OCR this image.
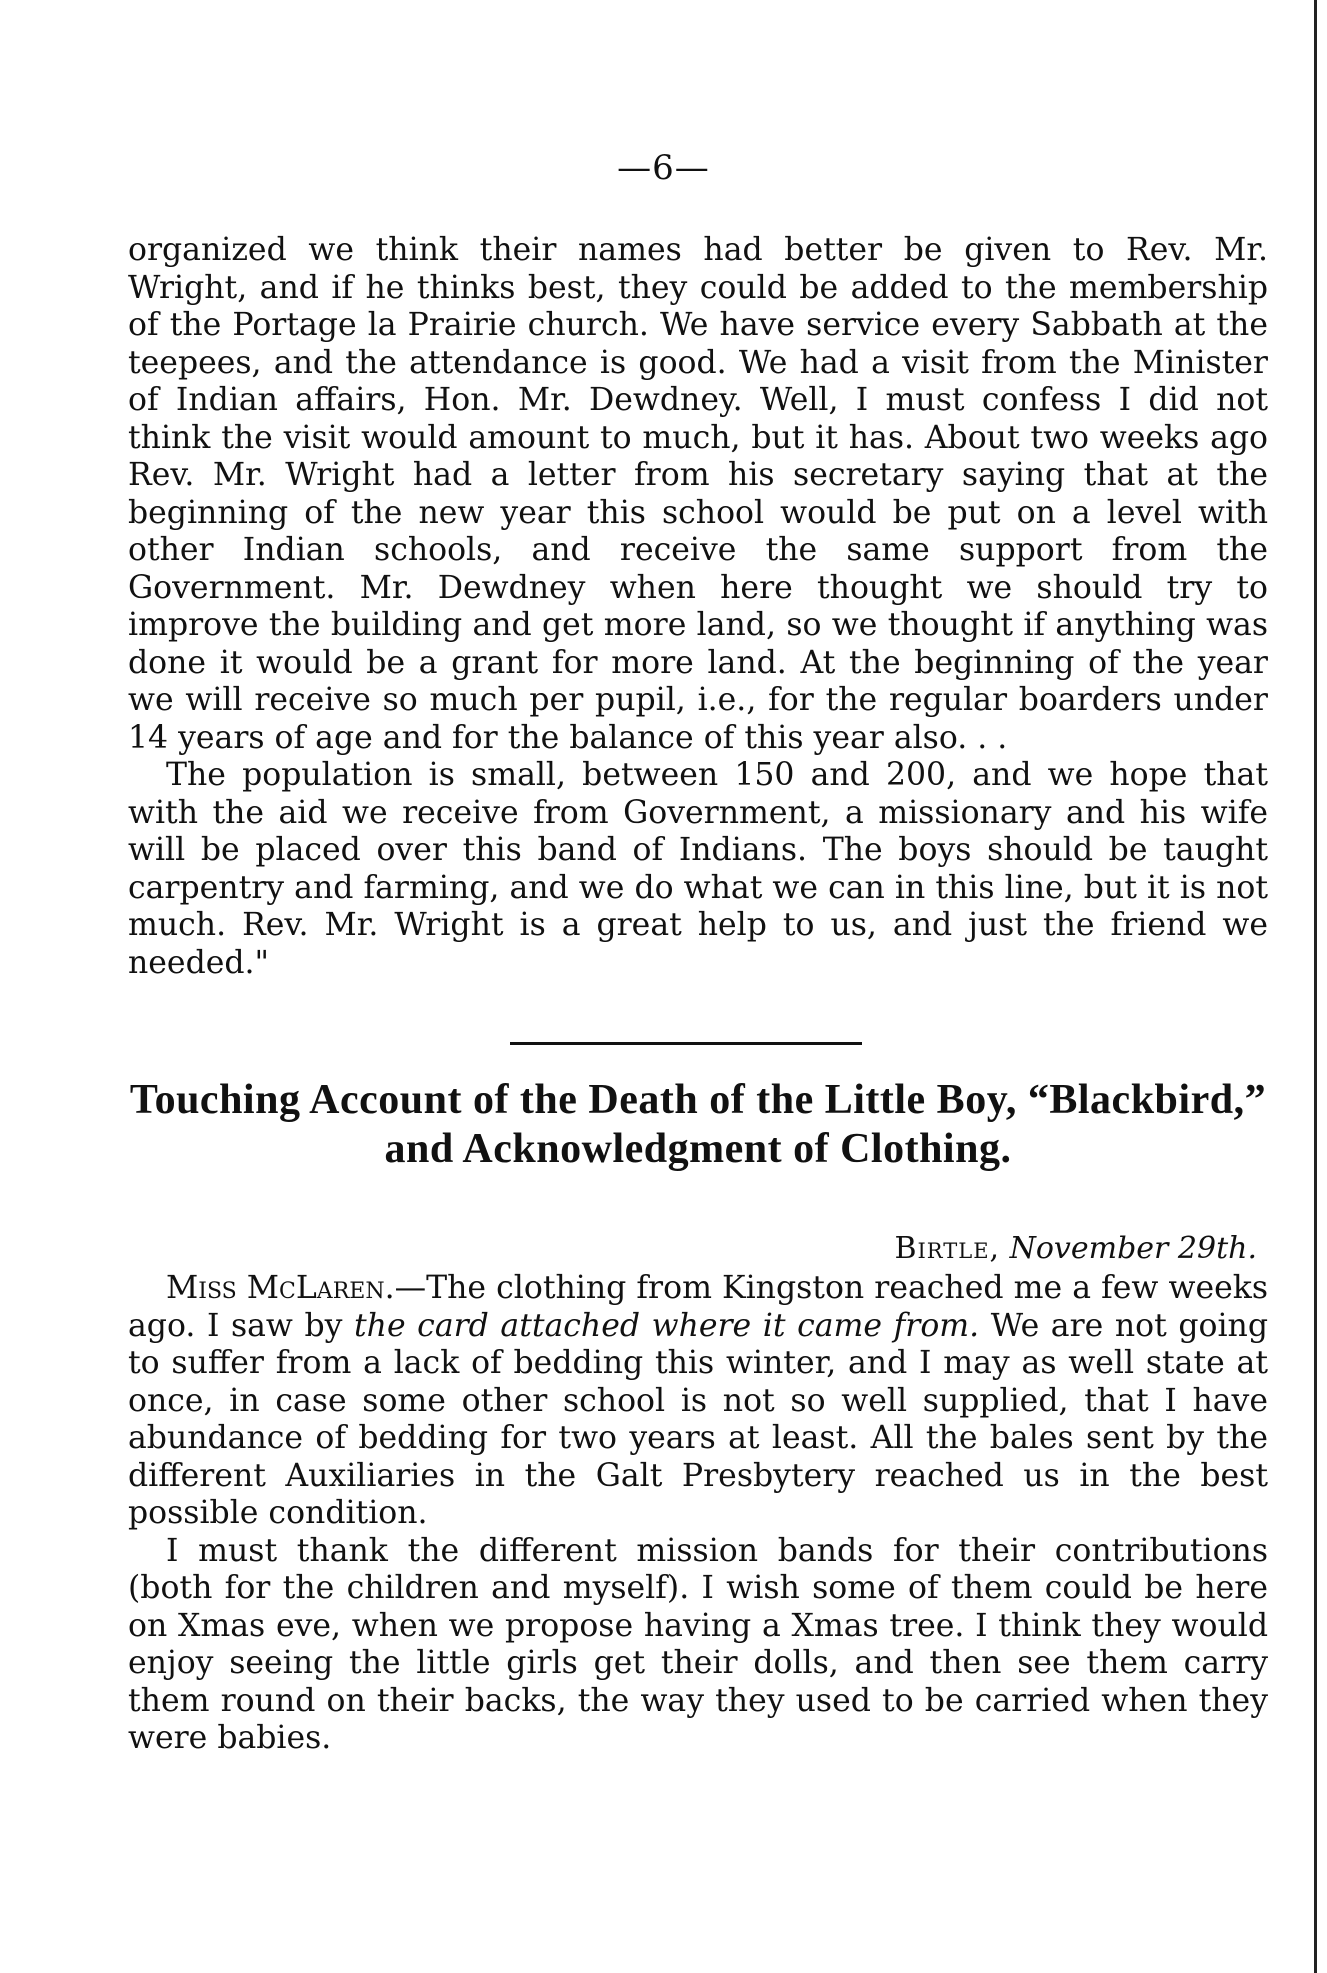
—6—

organized we think their names had better be given to Rev. Mr. Wright, and if he thinks best, they could be added to the membership of the Portage la Prairie church. We have service every Sabbath at the teepees, and the attendance is good. We had a visit from the Minister of Indian affairs, Hon. Mr. Dewdney. Well, I must confess I did not think the visit would amount to much, but it has. About two weeks ago Rev. Mr. Wright had a letter from his secretary saying that at the beginning of the new year this school would be put on a level with other Indian schools, and receive the same support from the Government. Mr. Dewdney when here thought we should try to improve the building and get more land, so we thought if anything was done it would be a grant for more land. At the beginning of the year we will receive so much per pupil, i.e., for the regular boarders under 14 years of age and for the balance of this year also. . .

The population is small, between 150 and 200, and we hope that with the aid we receive from Government, a missionary and his wife will be placed over this band of Indians. The boys should be taught carpentry and farming, and we do what we can in this line, but it is not much. Rev. Mr. Wright is a great help to us, and just the friend we needed."

Touching Account of the Death of the Little Boy, “Blackbird,” and Acknowledgment of Clothing.
Birtle, November 29th.

Miss McLaren.—The clothing from Kingston reached me a few weeks ago. I saw by the card attached where it came from. We are not going to suffer from a lack of bedding this winter, and I may as well state at once, in case some other school is not so well supplied, that I have abundance of bedding for two years at least. All the bales sent by the different Auxiliaries in the Galt Presbytery reached us in the best possible condition.

I must thank the different mission bands for their contributions (both for the children and myself). I wish some of them could be here on Xmas eve, when we propose having a Xmas tree. I think they would enjoy seeing the little girls get their dolls, and then see them carry them round on their backs, the way they used to be carried when they were babies.
